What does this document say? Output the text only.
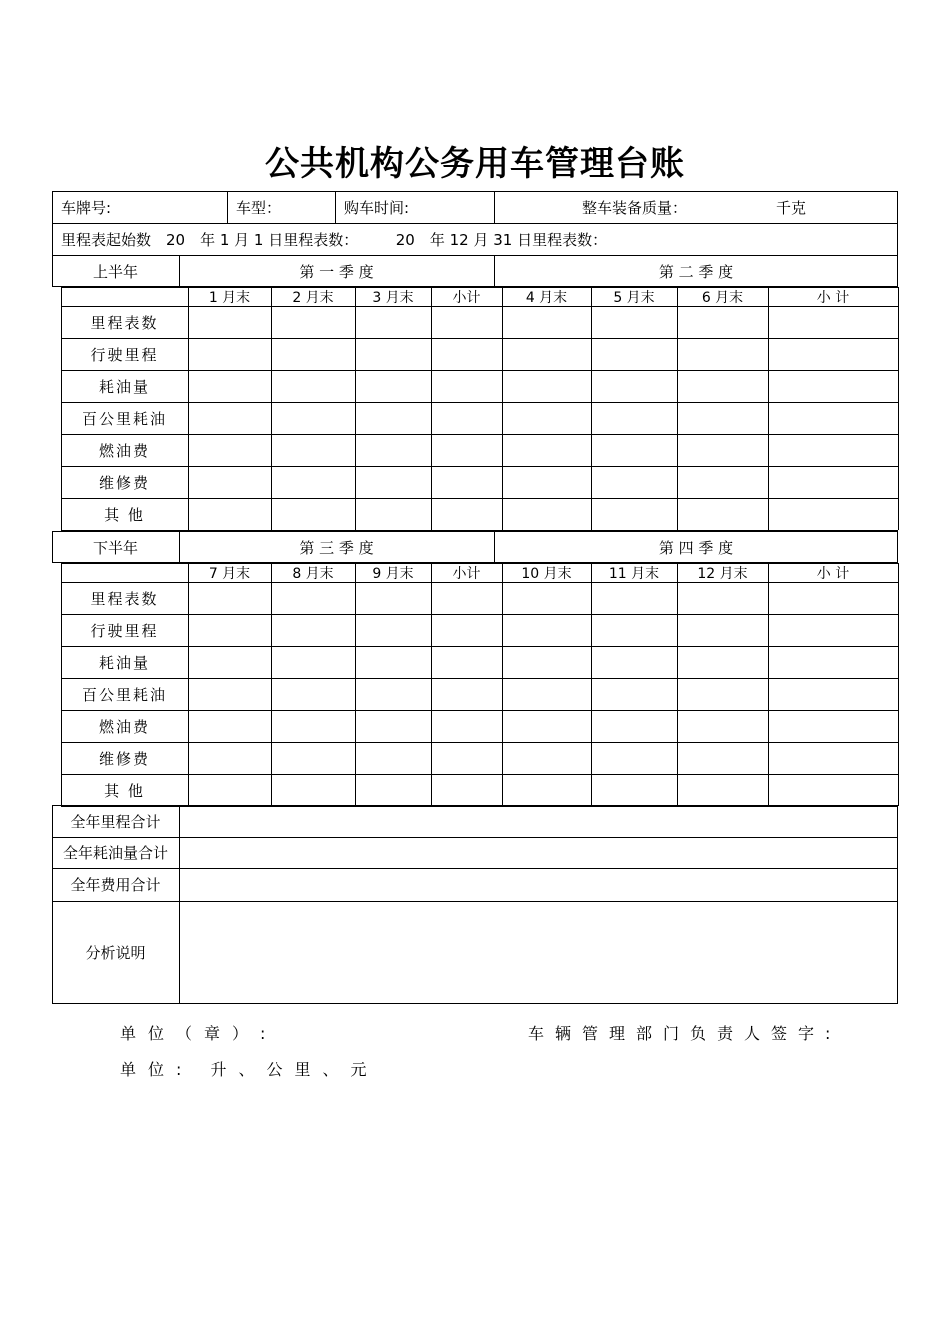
公共机构公务用车管理台账
车牌号:	车型：	购车时间:	整车装备质量：	千克
里程表起始数　20　年 1 月 1 日里程表数：　　　20　年 12 月 31 日里程表数：
上半年	第 一 季 度	第 二 季 度
1 月末	2 月末	3 月末	小计	4 月末	5 月末	6 月末	小 计
里程表数
行驶里程
耗油量
百公里耗油
燃油费
维修费
其 他
下半年	第 三 季 度	第 四 季 度
7 月末	8 月末	9 月末	小计	10 月末	11 月末	12 月末	小 计
里程表数
行驶里程
耗油量
百公里耗油
燃油费
维修费
其 他
全年里程合计
全年耗油量合计
全年费用合计
分析说明
单位（章）:	车辆管理部门负责人签字:
单位: 升、公里、元
